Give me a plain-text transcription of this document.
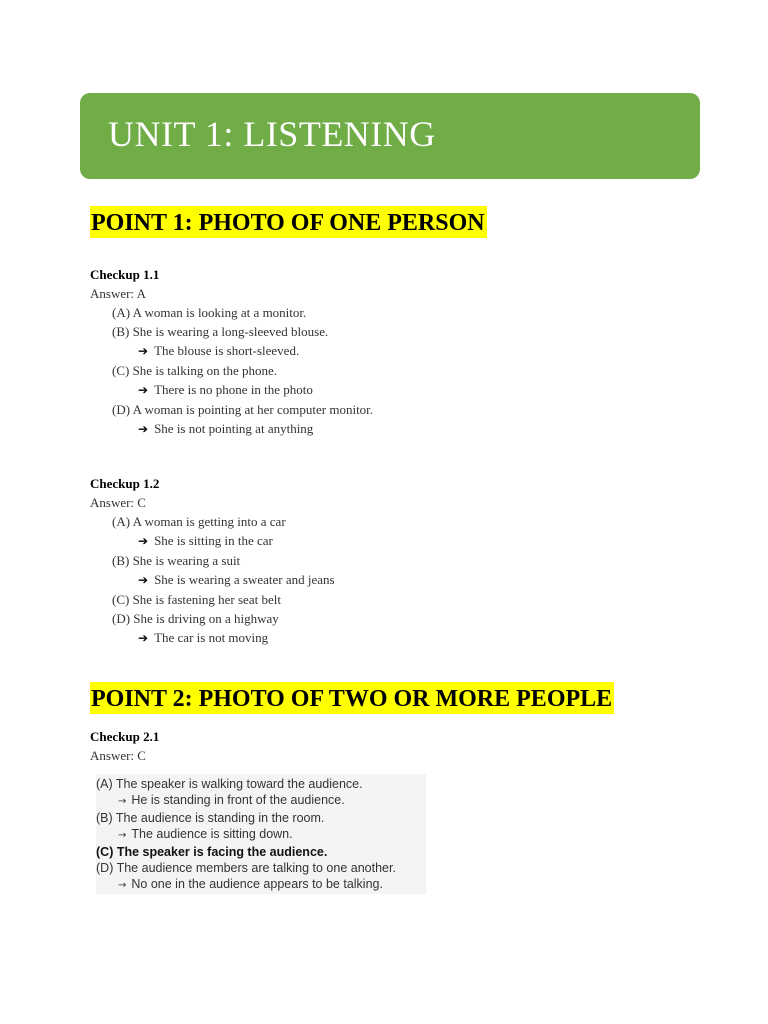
UNIT 1: LISTENING
POINT 1: PHOTO OF ONE PERSON
Checkup 1.1
Answer: A
(A) A woman is looking at a monitor.
(B) She is wearing a long-sleeved blouse.
➔ The blouse is short-sleeved.
(C) She is talking on the phone.
➔ There is no phone in the photo
(D) A woman is pointing at her computer monitor.
➔ She is not pointing at anything
Checkup 1.2
Answer: C
(A) A woman is getting into a car
➔ She is sitting in the car
(B) She is wearing a suit
➔ She is wearing a sweater and jeans
(C) She is fastening her seat belt
(D) She is driving on a highway
➔ The car is not moving
POINT 2: PHOTO OF TWO OR MORE PEOPLE
Checkup 2.1
Answer: C
(A) The speaker is walking toward the audience.
→ He is standing in front of the audience.
(B) The audience is standing in the room.
→ The audience is sitting down.
(C) The speaker is facing the audience.
(D) The audience members are talking to one another.
→ No one in the audience appears to be talking.
